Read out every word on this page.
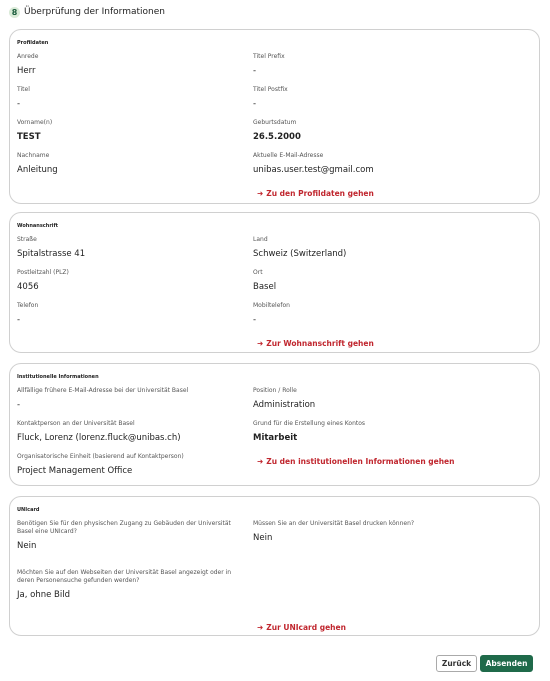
8 Überprüfung der Informationen
Profildaten
Anrede
Herr
Titel Prefix
-
Titel
-
Titel Postfix
-
Vorname(n)
TEST
Geburtsdatum
26.5.2000
Nachname
Anleitung
Aktuelle E-Mail-Adresse
unibas.user.test@gmail.com
➜ Zu den Profildaten gehen
Wohnanschrift
Straße
Spitalstrasse 41
Land
Schweiz (Switzerland)
Postleitzahl (PLZ)
4056
Ort
Basel
Telefon
-
Mobiltelefon
-
➜ Zur Wohnanschrift gehen
Institutionelle Informationen
Allfällige frühere E-Mail-Adresse bei der Universität Basel
-
Position / Rolle
Administration
Kontaktperson an der Universität Basel
Fluck, Lorenz (lorenz.fluck@unibas.ch)
Grund für die Erstellung eines Kontos
Mitarbeit
Organisatorische Einheit (basierend auf Kontaktperson)
Project Management Office
➜ Zu den institutionellen Informationen gehen
UNIcard
Benötigen Sie für den physischen Zugang zu Gebäuden der Universität Basel eine UNIcard?
Nein
Müssen Sie an der Universität Basel drucken können?
Nein
Möchten Sie auf den Webseiten der Universität Basel angezeigt oder in deren Personensuche gefunden werden?
Ja, ohne Bild
➜ Zur UNIcard gehen
Zurück	Absenden
